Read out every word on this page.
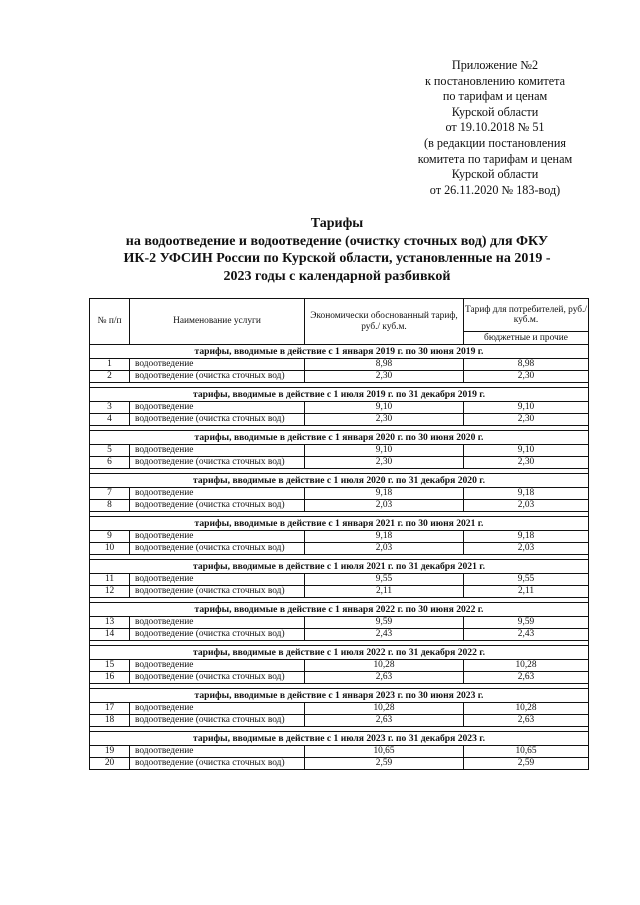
Приложение №2
к постановлению комитета
по тарифам и ценам
Курской области
от 19.10.2018 № 51
(в редакции постановления
комитета по тарифам и ценам
Курской области
от 26.11.2020 № 183-вод)
Тарифы
на водоотведение и водоотведение (очистку сточных вод) для ФКУ
ИК-2 УФСИН России по Курской области, установленные на 2019 -
2023 годы с календарной разбивкой
№ п/п	Наименование услуги	Экономически обоснованный тариф, руб./ куб.м.	Тариф для потребителей, руб./куб.м.
			бюджетные и прочие
тарифы, вводимые в действие с 1 января 2019 г. по 30 июня 2019 г.			
1	водоотведение	8,98	8,98
2	водоотведение (очистка сточных вод)	2,30	2,30

тарифы, вводимые в действие с 1 июля 2019 г. по 31 декабря 2019 г.			
3	водоотведение	9,10	9,10
4	водоотведение (очистка сточных вод)	2,30	2,30

тарифы, вводимые в действие с 1 января 2020 г. по 30 июня 2020 г.			
5	водоотведение	9,10	9,10
6	водоотведение (очистка сточных вод)	2,30	2,30

тарифы, вводимые в действие с 1 июля 2020 г. по 31 декабря 2020 г.			
7	водоотведение	9,18	9,18
8	водоотведение (очистка сточных вод)	2,03	2,03

тарифы, вводимые в действие с 1 января 2021 г. по 30 июня 2021 г.			
9	водоотведение	9,18	9,18
10	водоотведение (очистка сточных вод)	2,03	2,03

тарифы, вводимые в действие с 1 июля 2021 г. по 31 декабря 2021 г.			
11	водоотведение	9,55	9,55
12	водоотведение (очистка сточных вод)	2,11	2,11

тарифы, вводимые в действие с 1 января 2022 г. по 30 июня 2022 г.			
13	водоотведение	9,59	9,59
14	водоотведение (очистка сточных вод)	2,43	2,43

тарифы, вводимые в действие с 1 июля 2022 г. по 31 декабря 2022 г.			
15	водоотведение	10,28	10,28
16	водоотведение (очистка сточных вод)	2,63	2,63

тарифы, вводимые в действие с 1 января 2023 г. по 30 июня 2023 г.			
17	водоотведение	10,28	10,28
18	водоотведение (очистка сточных вод)	2,63	2,63

тарифы, вводимые в действие с 1 июля 2023 г. по 31 декабря 2023 г.			
19	водоотведение	10,65	10,65
20	водоотведение (очистка сточных вод)	2,59	2,59
